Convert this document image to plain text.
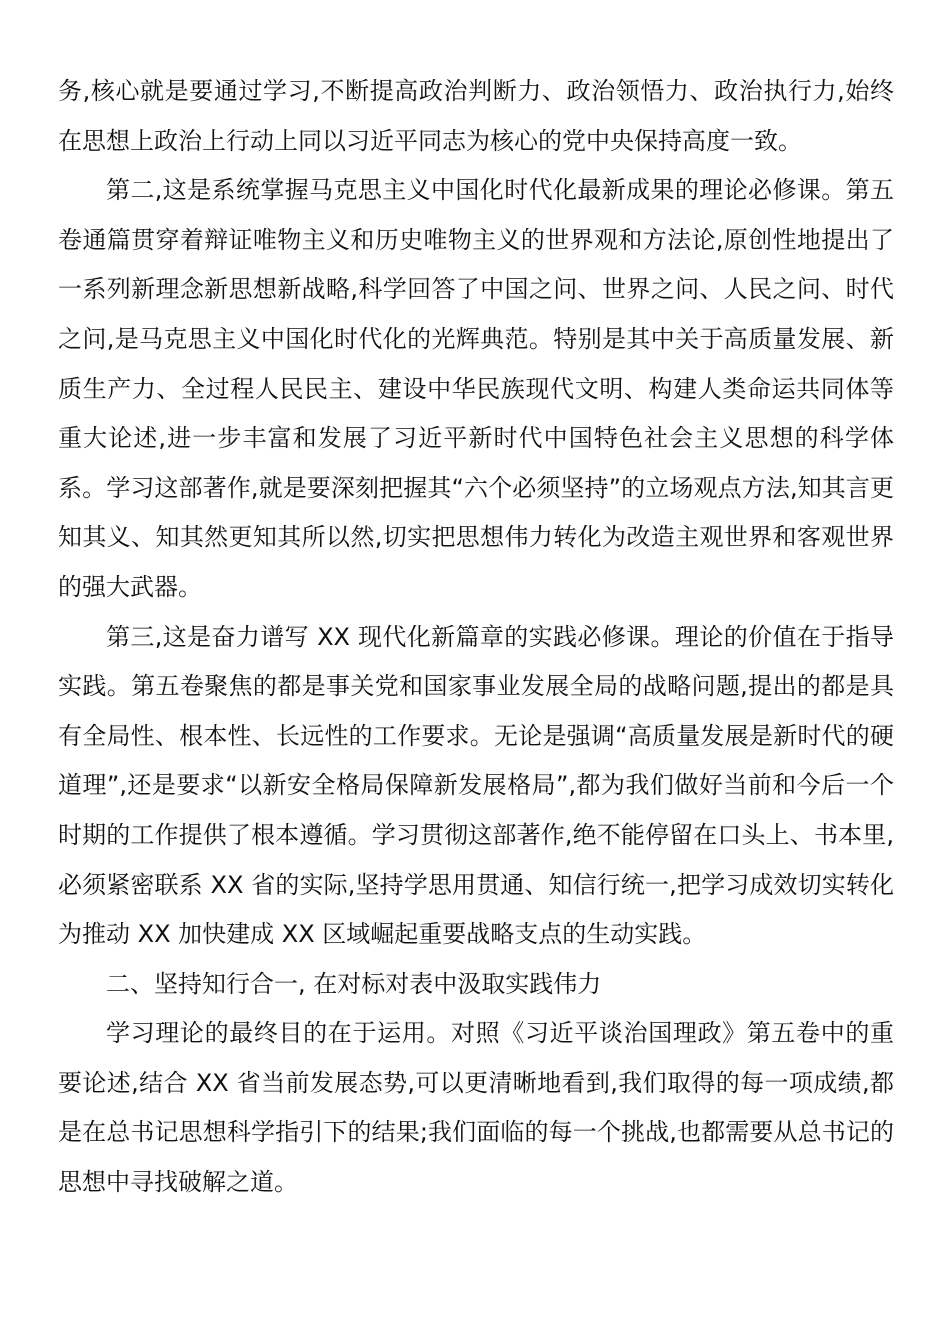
务,核心就是要通过学习,不断提高政治判断力、政治领悟力、政治执行力,始终在思想上政治上行动上同以习近平同志为核心的党中央保持高度一致。

第二,这是系统掌握马克思主义中国化时代化最新成果的理论必修课。第五卷通篇贯穿着辩证唯物主义和历史唯物主义的世界观和方法论,原创性地提出了一系列新理念新思想新战略,科学回答了中国之问、世界之问、人民之问、时代之问,是马克思主义中国化时代化的光辉典范。特别是其中关于高质量发展、新质生产力、全过程人民民主、建设中华民族现代文明、构建人类命运共同体等重大论述,进一步丰富和发展了习近平新时代中国特色社会主义思想的科学体系。学习这部著作,就是要深刻把握其“六个必须坚持”的立场观点方法,知其言更知其义、知其然更知其所以然,切实把思想伟力转化为改造主观世界和客观世界的强大武器。

第三,这是奋力谱写 XX 现代化新篇章的实践必修课。理论的价值在于指导实践。第五卷聚焦的都是事关党和国家事业发展全局的战略问题,提出的都是具有全局性、根本性、长远性的工作要求。无论是强调“高质量发展是新时代的硬道理”,还是要求“以新安全格局保障新发展格局”,都为我们做好当前和今后一个时期的工作提供了根本遵循。学习贯彻这部著作,绝不能停留在口头上、书本里,必须紧密联系 XX 省的实际,坚持学思用贯通、知信行统一,把学习成效切实转化为推动 XX 加快建成 XX 区域崛起重要战略支点的生动实践。

二、坚持知行合一, 在对标对表中汲取实践伟力

学习理论的最终目的在于运用。对照《习近平谈治国理政》第五卷中的重要论述,结合 XX 省当前发展态势,可以更清晰地看到,我们取得的每一项成绩,都是在总书记思想科学指引下的结果;我们面临的每一个挑战,也都需要从总书记的思想中寻找破解之道。
